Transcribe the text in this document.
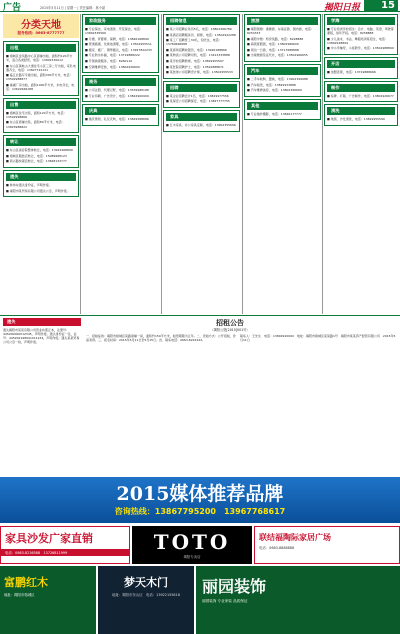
广告	2015年5月11日 | 星期一 | 责任编辑：林小斌	揭阳日报	15
分类天地
服务热线：0663-8777777
出租
■ 榕城区金凤路中心区商铺出租，面积约120平方米，适合各类经营，电话：13802330012
■ 东山区黄岐山大道住宅小区三房二厅出租，家私电器齐全，电话：13827722131
■ 临江北路写字楼出租，面积300平方米，电话：13502988877
■ 渔湖厂房出租，面积1000平方米，水电齐全，电话：13622666188
出售
■ 榕城区住宅出售，面积120平方米，电话：13502998866
■ 东山区商铺出售，面积80平方米，电话：13823988822
转让
■ 东山区美容院整体转让，电话：13922968899
■ 榕城区服装店转让，电话：15089668123
■ 新兴路快餐店转让，电话：13828133777
遗失
■ 林伟东遗失身份证，声明作废。
■ 揭阳市某贸易有限公司遗失公章，声明作废。
家政服务
■ 专业保洁、家电清洗、开荒保洁，电话：13802335566
■ 月嫂、育婴师、保姆，电话：13826168899
■ 管道疏通、化粪池清理，电话：13502955511
■ 搬家、搬厂、钢琴搬运，电话：13927822233
■ 专业防水补漏，电话：13719888222
■ 开锁换锁服务，电话：8260110
■ 空调维修安装，电话：13802926600
商务
■ 公司注册、代理记账，电话：13539988188
■ 专业印刷、广告设计，电话：13822960909
庆典
■ 婚庆策划、礼仪庆典，电话：13829588686
招聘信息
■ 某公司招聘业务员5名，电话：13802366789
■ 某酒店招聘服务员、厨师，电话：13502922288
■ 某工厂招聘普工30名，包吃住，电话：13760666688
■ 某商场招聘收银员，电话：13926188866
■ 某物流公司招聘司机，电话：13413333888
■ 某学校招聘教师，电话：13829955567
■ 某医院招聘护士，电话：13592888871
■ 某装饰公司招聘设计师，电话：13502955533
招聘
■ 某企业招聘会计1名，电话：13829977556
■ 某保安公司招聘保安，电话：13827777755
家具
■ 红木家具、办公家具定制，电话：13902355666
旅游
■ 揭阳国旅：港澳游、东南亚游、国内游，电话：8253333
■ 揭阳中旅：特价线路，电话：8228888
■ 海滨度假团，电话：13802986600
■ 周边一日游，电话：13717688888
■ 出境旅游签证代办，电话：13502966655
汽车
■ 二手车收购、置换，电话：13902399988
■ 汽车租赁，电话：13829933888
■ 汽车维修美容，电话：13802396669
其他
■ 专业婚纱摄影，电话：13826177777
学海
■ 专业培训学校招生：会计、电脑、英语、驾驶等课程，常年开班。电话：8258888
■ 少儿美术、书法、舞蹈培训班招生，电话：13802928899
■ 中小学辅导，小班教学，电话：13502988899
开店
■ 加盟连锁，电话：13719888666
制作
■ 标牌、灯箱、广告制作，电话：13802926677
清洗
■ 地毯、沙发清洗，电话：13829955599
遗失
遗失揭阳市某某有限公司营业执照正本，注册号：445200000012345，声明作废。遗失身份证一张，证号：445202198001011234，声明作废。遗失某某贸易公司公章一枚，声明作废。
招租公告
（揭阳公资[2015]001号）
一、招租标的：揭阳市榕城区某路商铺一间，面积约150平方米，租赁期限为五年。二、竞租方式：公开招租，价高者得。三、报名时间：2015年5月11日至5月15日。四、联系电话：0663-8222222。
联系人：王先生　电话：13802920000　地址：揭阳市榕城区某某路1号　揭阳市某某资产经营有限公司　2015年5月11日
2015媒体推荐品牌
咨询热线：13867795200　13967768617
家具沙发广家直销
电话：0663-8236588　13726811999	TOTO
揭阳专卖店
联结福陶际家居广场
电话：0663-8888888
富鹏红木
地址：揭阳市榕城区
梦天木门
地址：揭阳市东山区　电话：13922155818	丽园装饰
丽园装饰 专业家装 品质保证
